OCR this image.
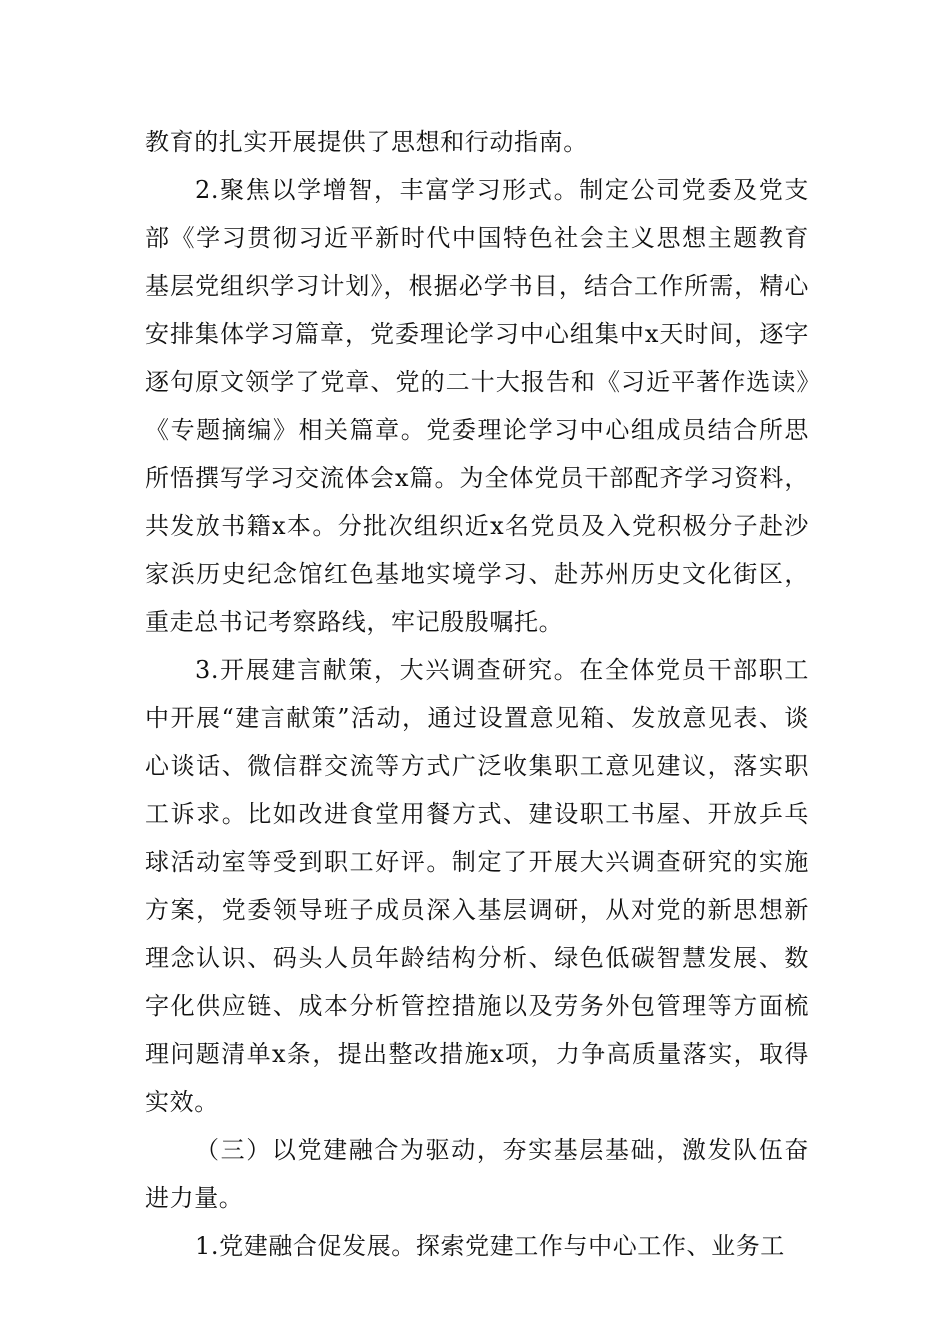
教育的扎实开展提供了思想和行动指南。

2.聚焦以学增智，丰富学习形式。制定公司党委及党支部《学习贯彻习近平新时代中国特色社会主义思想主题教育基层党组织学习计划》，根据必学书目，结合工作所需，精心安排集体学习篇章，党委理论学习中心组集中x天时间，逐字逐句原文领学了党章、党的二十大报告和《习近平著作选读》《专题摘编》相关篇章。党委理论学习中心组成员结合所思所悟撰写学习交流体会x篇。为全体党员干部配齐学习资料，共发放书籍x本。分批次组织近x名党员及入党积极分子赴沙家浜历史纪念馆红色基地实境学习、赴苏州历史文化街区，重走总书记考察路线，牢记殷殷嘱托。

3.开展建言献策，大兴调查研究。在全体党员干部职工中开展“建言献策”活动，通过设置意见箱、发放意见表、谈心谈话、微信群交流等方式广泛收集职工意见建议，落实职工诉求。比如改进食堂用餐方式、建设职工书屋、开放乒乓球活动室等受到职工好评。制定了开展大兴调查研究的实施方案，党委领导班子成员深入基层调研，从对党的新思想新理念认识、码头人员年龄结构分析、绿色低碳智慧发展、数字化供应链、成本分析管控措施以及劳务外包管理等方面梳理问题清单x条，提出整改措施x项，力争高质量落实，取得实效。

（三）以党建融合为驱动，夯实基层基础，激发队伍奋进力量。

1.党建融合促发展。探索党建工作与中心工作、业务工
